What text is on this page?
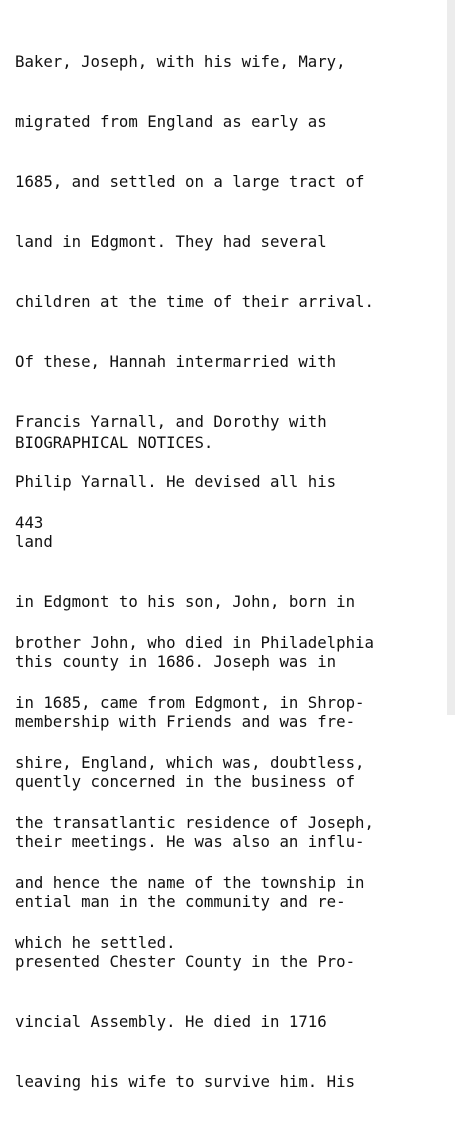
Baker, Joseph, with his wife, Mary,

migrated from England as early as

1685, and settled on a large tract of

land in Edgmont. They had several

children at the time of their arrival.

Of these, Hannah intermarried with

Francis Yarnall, and Dorothy with

Philip Yarnall. He devised all his

land

in Edgmont to his son, John, born in

this county in 1686. Joseph was in

membership with Friends and was fre-

quently concerned in the business of

their meetings. He was also an influ-

ential man in the community and re-

presented Chester County in the Pro-

vincial Assembly. He died in 1716

leaving his wife to survive him. His

BIOGRAPHICAL NOTICES.
443

brother John, who died in Philadelphia

in 1685, came from Edgmont, in Shrop-

shire, England, which was, doubtless,

the transatlantic residence of Joseph,

and hence the name of the township in

which he settled.
